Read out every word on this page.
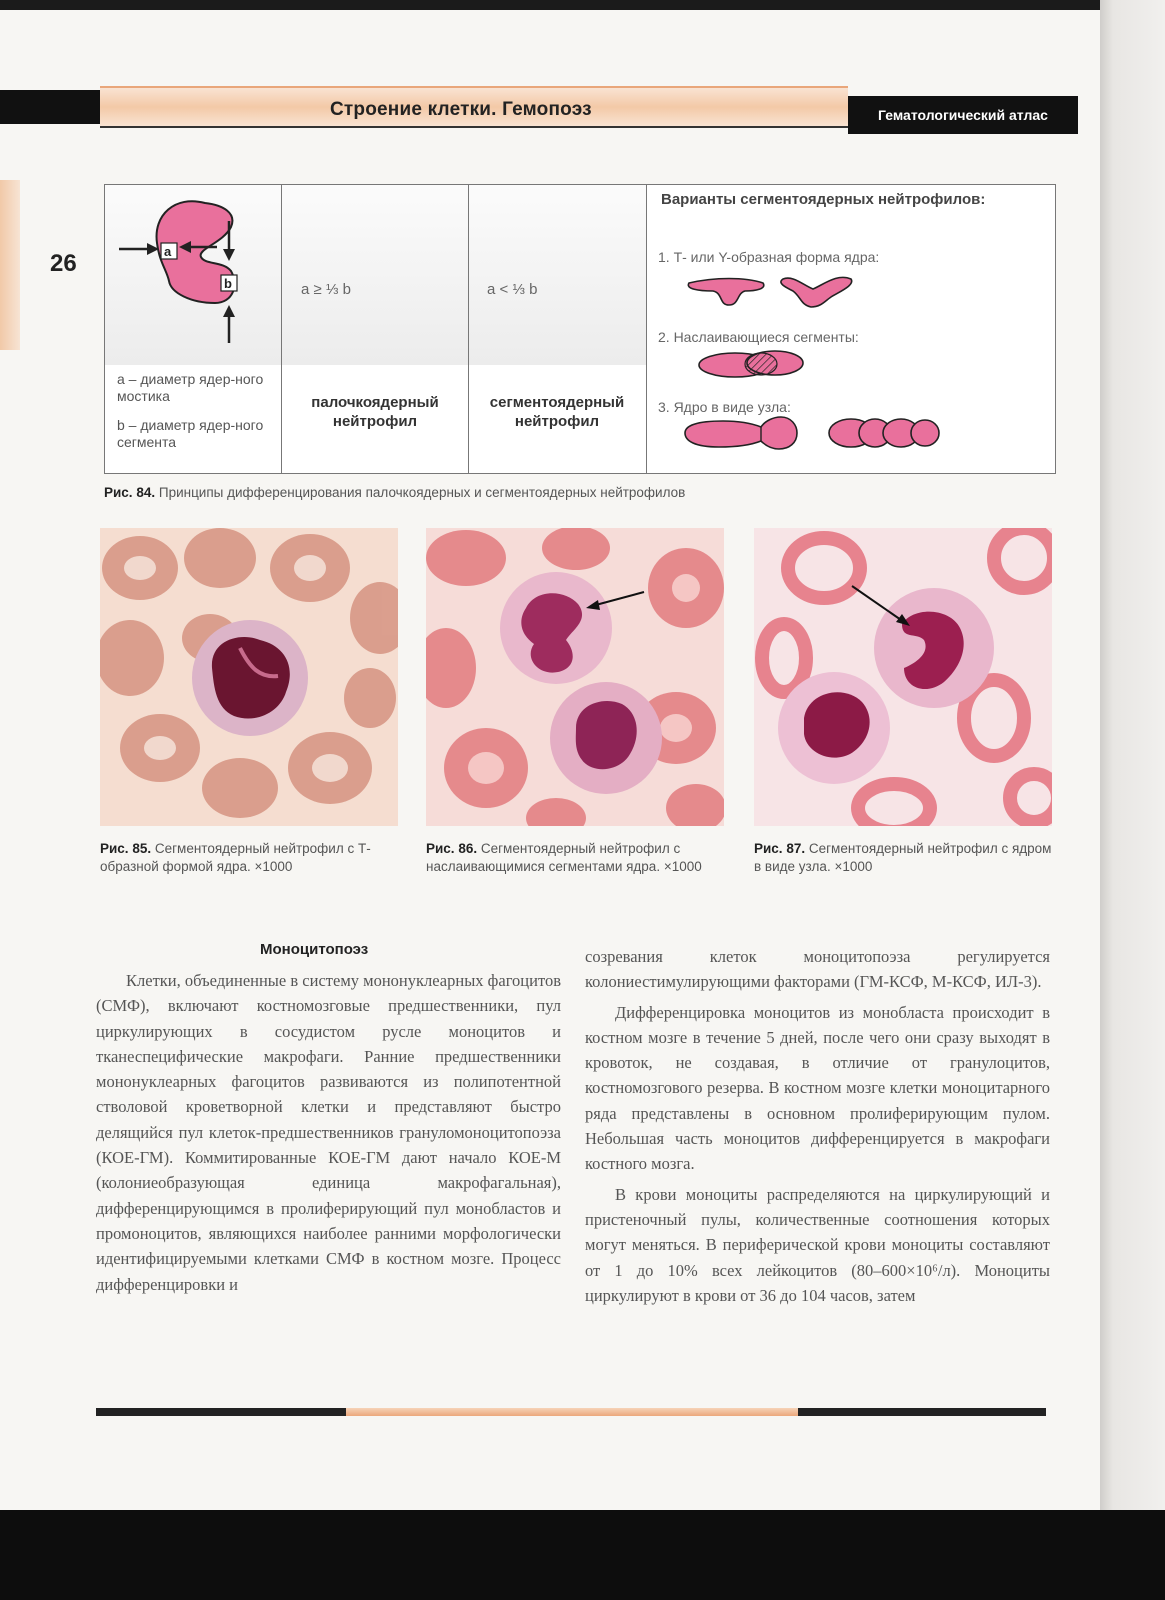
Строение клетки. Гемопоэз	Гематологический атлас
26	a
b
а – диаметр ядер-ного мостика
b – диаметр ядер-ного сегмента
a ≥ ⅓ b
палочкоядерный нейтрофил
a < ⅓ b
сегментоядерный нейтрофил
Варианты сегментоядерных нейтрофилов:
1. Т- или Y-образная форма ядра:
2. Наслаивающиеся сегменты:
3. Ядро в виде узла:
Рис. 84. Принципы дифференцирования палочкоядерных и сегментоядерных нейтрофилов
Рис. 85. Сегментоядерный нейтрофил с Т-образной формой ядра. ×1000
Рис. 86. Сегментоядерный нейтрофил с наслаивающимися сегментами ядра. ×1000
Рис. 87. Сегментоядерный нейтрофил с ядром в виде узла. ×1000
Моноцитопоэз

Клетки, объединенные в систему мононуклеарных фагоцитов (СМФ), включают костномозговые предшественники, пул циркулирующих в сосудистом русле моноцитов и тканеспецифические макрофаги. Ранние предшественники мононуклеарных фагоцитов развиваются из полипотентной стволовой кроветворной клетки и представляют быстро делящийся пул клеток-предшественников грануломоноцитопоэза (КОЕ-ГМ). Коммитированные КОЕ-ГМ дают начало КОЕ-М (колониеобразующая единица макрофагальная), дифференцирующимся в пролиферирующий пул монобластов и промоноцитов, являющихся наиболее ранними морфологически идентифицируемыми клетками СМФ в костном мозге. Процесс дифференцировки и

созревания клеток моноцитопоэза регулируется колониестимулирующими факторами (ГМ-КСФ, М-КСФ, ИЛ-3).

Дифференцировка моноцитов из монобласта происходит в костном мозге в течение 5 дней, после чего они сразу выходят в кровоток, не создавая, в отличие от гранулоцитов, костномозгового резерва. В костном мозге клетки моноцитарного ряда представлены в основном пролиферирующим пулом. Небольшая часть моноцитов дифференцируется в макрофаги костного мозга.

В крови моноциты распределяются на циркулирующий и пристеночный пулы, количественные соотношения которых могут меняться. В периферической крови моноциты составляют от 1 до 10% всех лейкоцитов (80–600×10⁶/л). Моноциты циркулируют в крови от 36 до 104 часов, затем
